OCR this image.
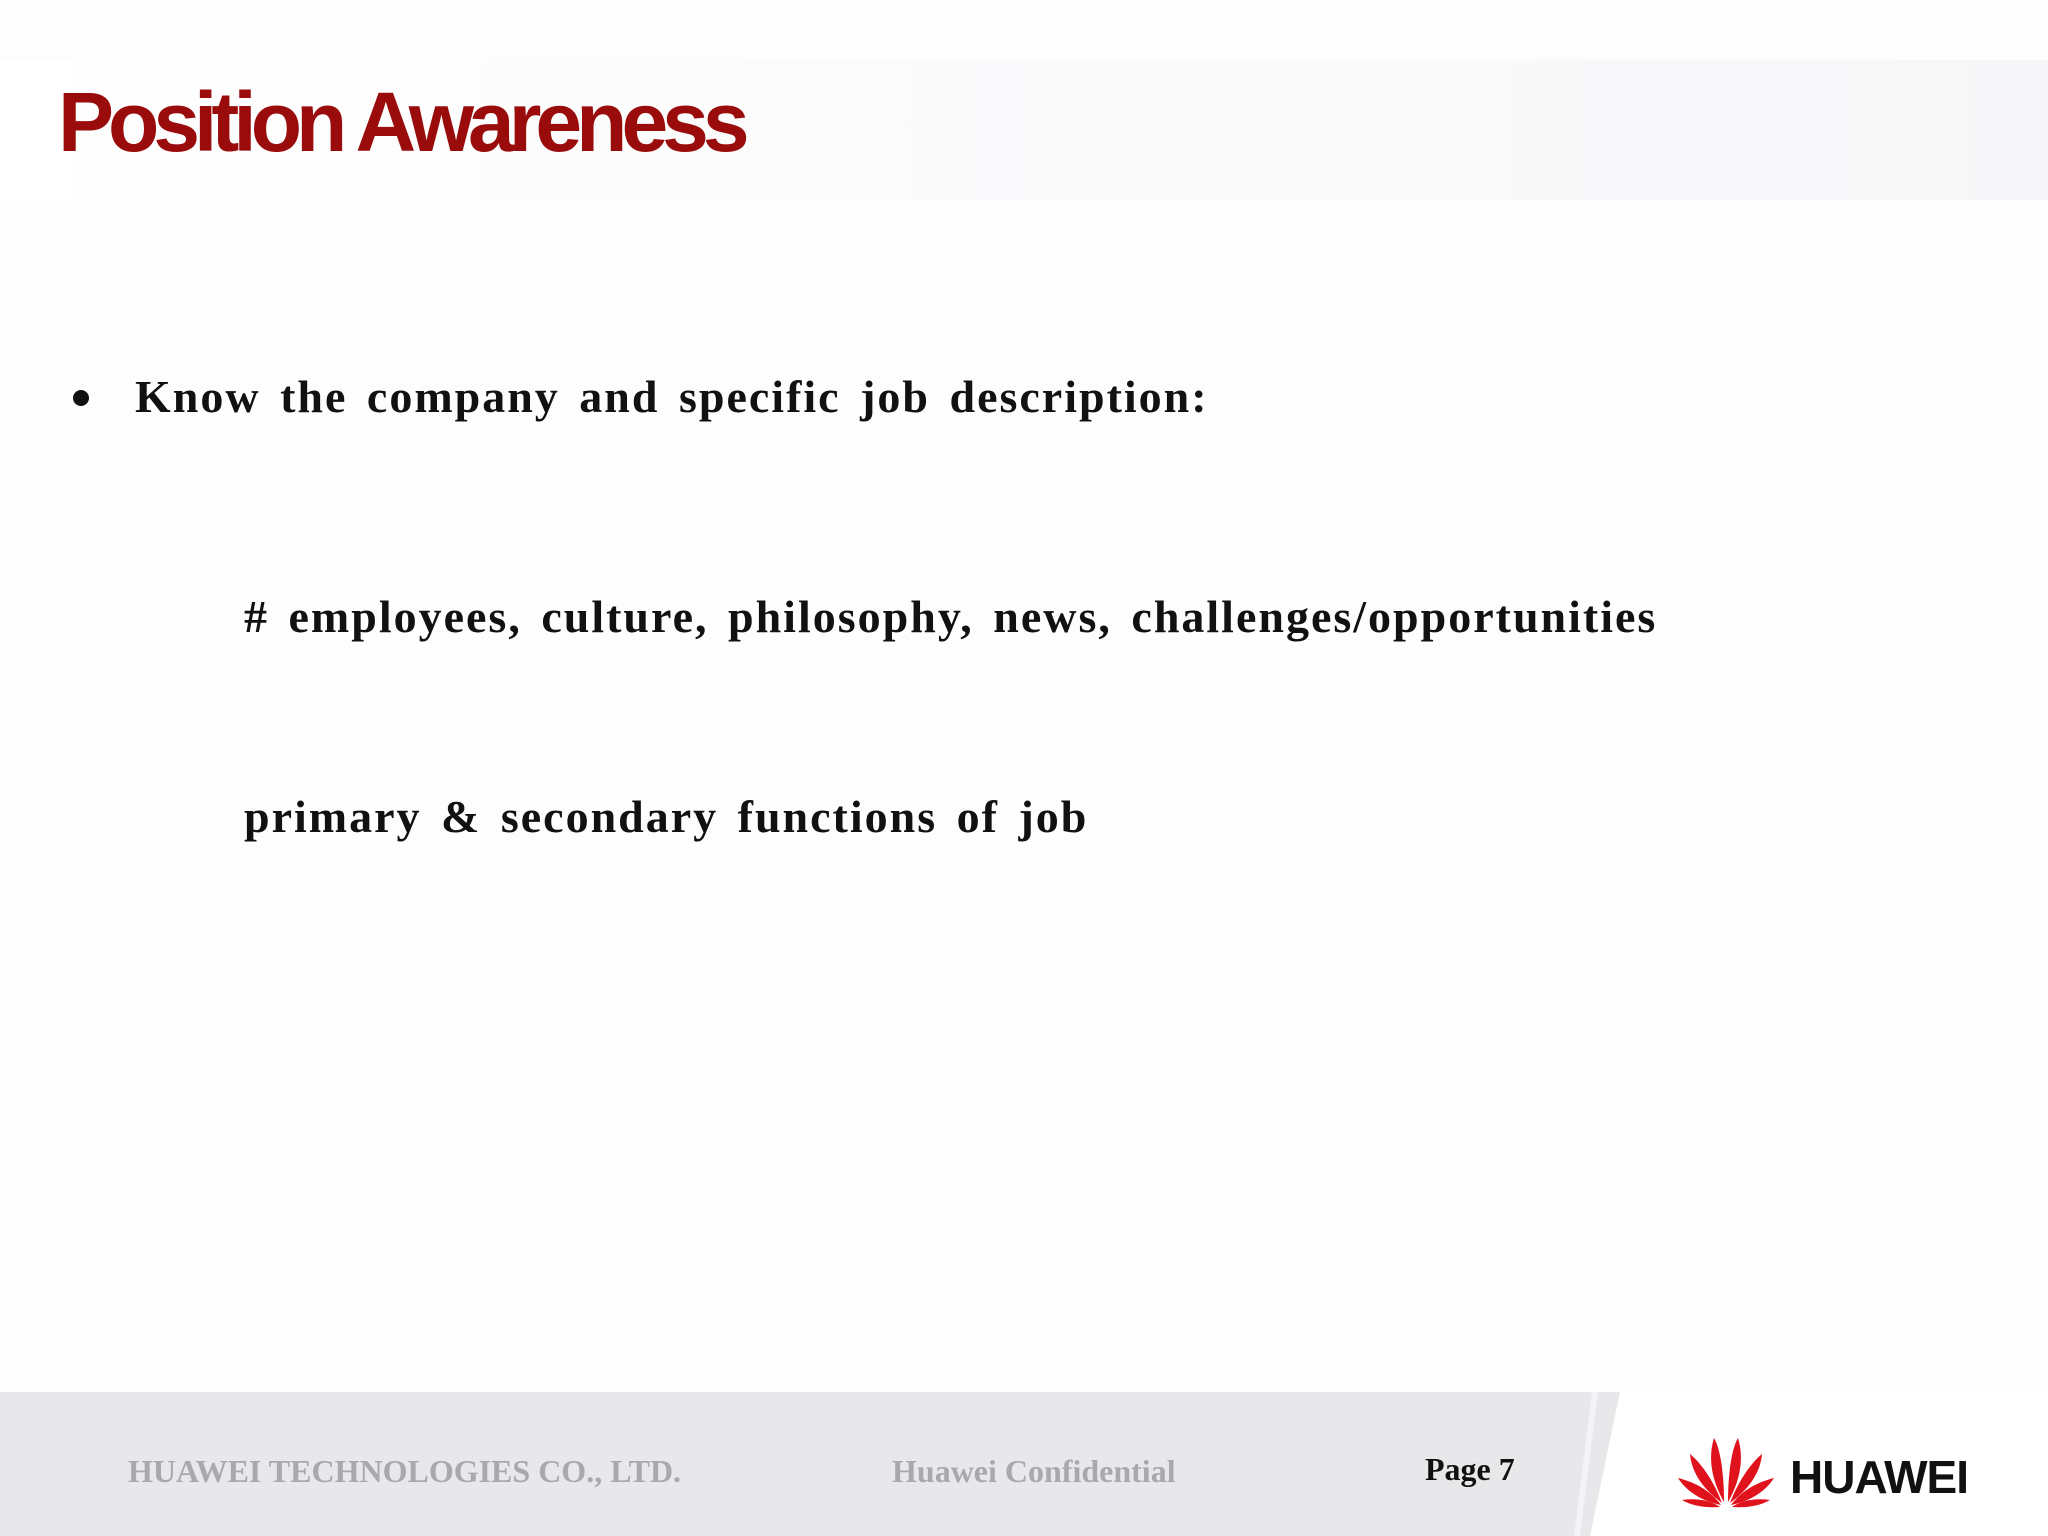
Position Awareness

Know the company and specific job description:

# employees, culture, philosophy, news, challenges/opportunities

primary & secondary functions of job

HUAWEI TECHNOLOGIES CO., LTD.	Huawei Confidential	Page 7	HUAWEI
